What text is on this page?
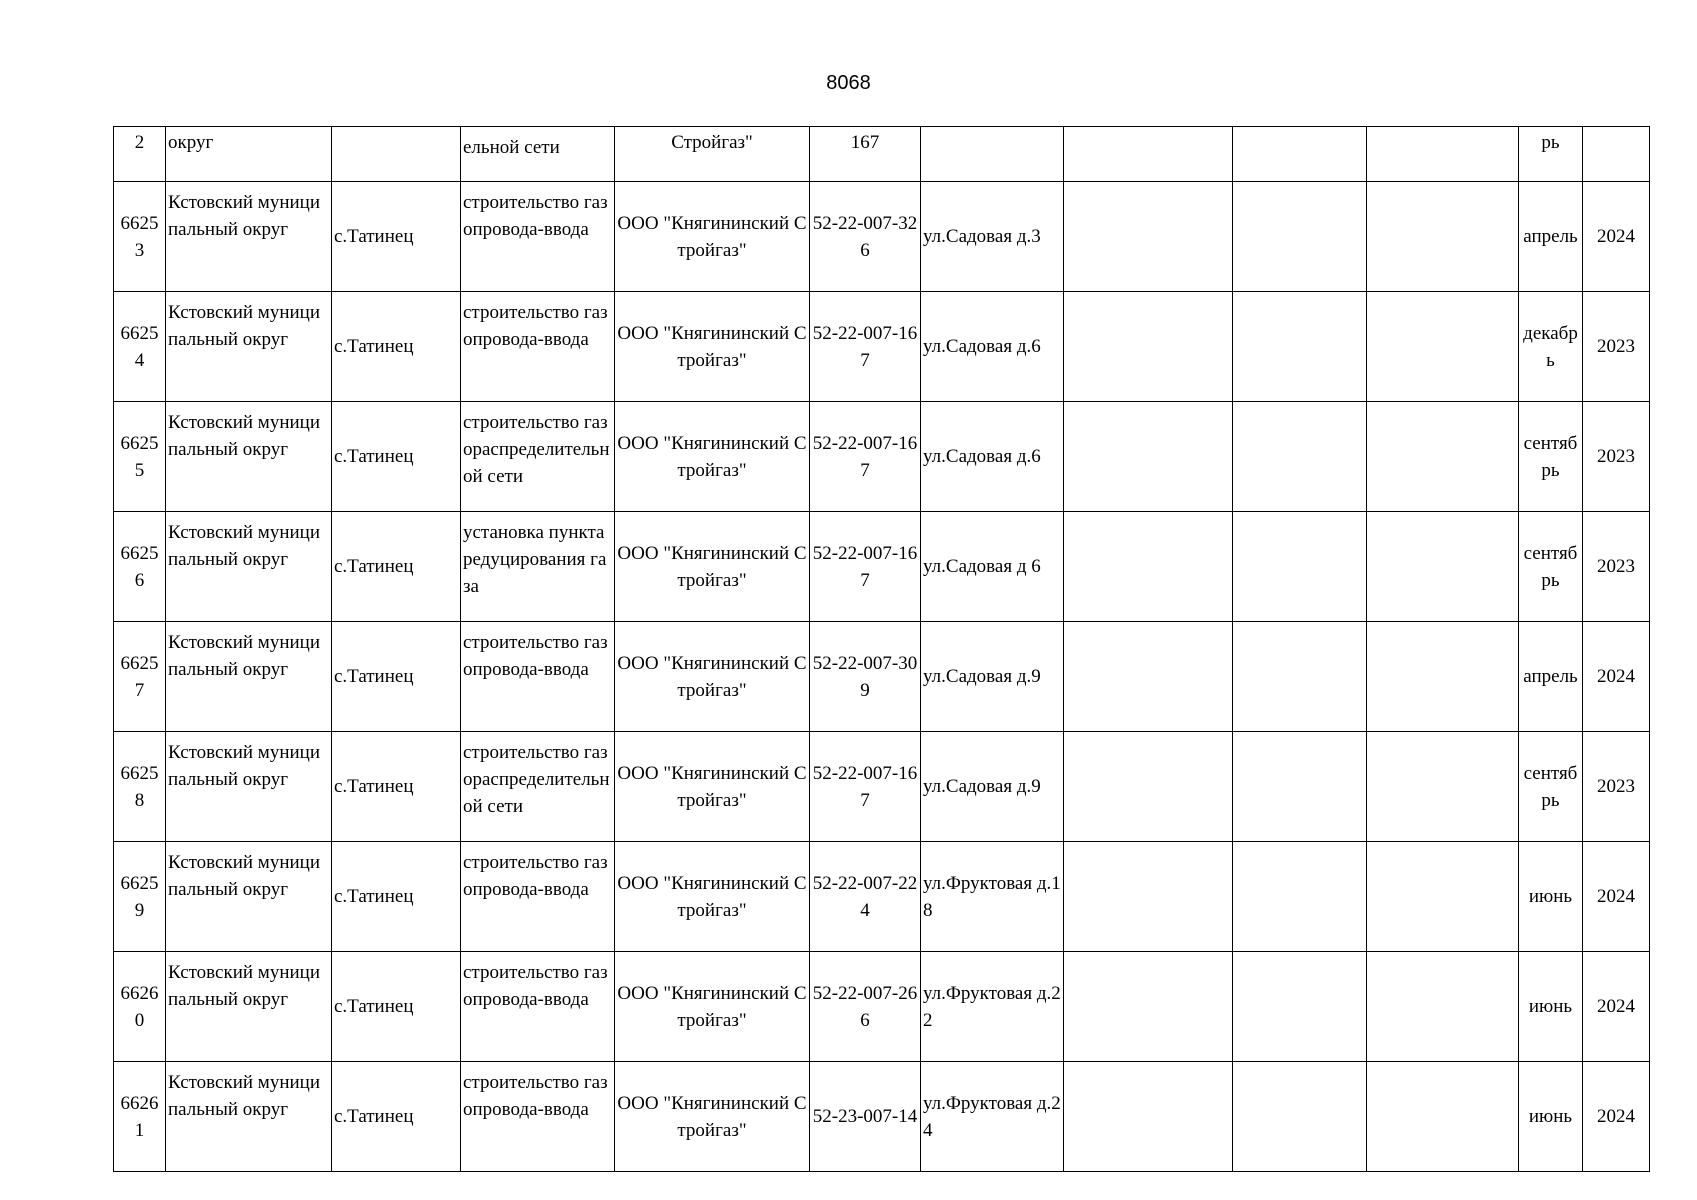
8068
2	округ		ельной сети	Стройгаз"	167					рь	
66253	Кстовский муниципальный округ	с.Татинец	строительство газопровода-ввода	ООО "Княгининский Стройгаз"	52-22-007-326	ул.Садовая д.3				апрель	2024
66254	Кстовский муниципальный округ	с.Татинец	строительство газопровода-ввода	ООО "Княгининский Стройгаз"	52-22-007-167	ул.Садовая д.6				декабрь	2023
66255	Кстовский муниципальный округ	с.Татинец	строительство газораспределительной сети	ООО "Княгининский Стройгаз"	52-22-007-167	ул.Садовая д.6				сентябрь	2023
66256	Кстовский муниципальный округ	с.Татинец	установка пункта редуцирования газа	ООО "Княгининский Стройгаз"	52-22-007-167	ул.Садовая д 6				сентябрь	2023
66257	Кстовский муниципальный округ	с.Татинец	строительство газопровода-ввода	ООО "Княгининский Стройгаз"	52-22-007-309	ул.Садовая д.9				апрель	2024
66258	Кстовский муниципальный округ	с.Татинец	строительство газораспределительной сети	ООО "Княгининский Стройгаз"	52-22-007-167	ул.Садовая д.9				сентябрь	2023
66259	Кстовский муниципальный округ	с.Татинец	строительство газопровода-ввода	ООО "Княгининский Стройгаз"	52-22-007-224	ул.Фруктовая д.18				июнь	2024
66260	Кстовский муниципальный округ	с.Татинец	строительство газопровода-ввода	ООО "Княгининский Стройгаз"	52-22-007-266	ул.Фруктовая д.22				июнь	2024
66261	Кстовский муниципальный округ	с.Татинец	строительство газопровода-ввода	ООО "Княгининский Стройгаз"	52-23-007-14	ул.Фруктовая д.24				июнь	2024
